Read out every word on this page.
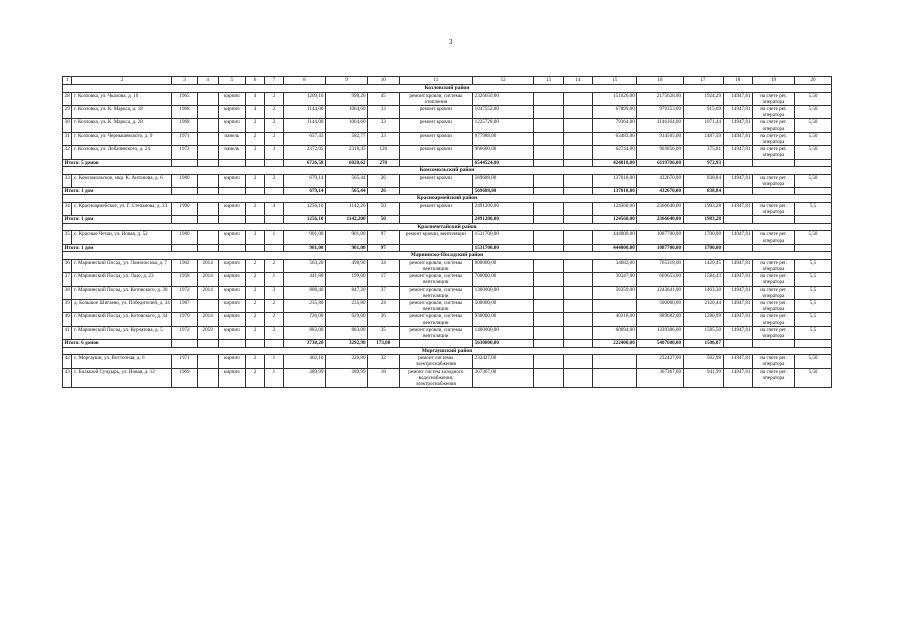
3
1	2	3	4	5	6	7	8	9	10	11	12	13	14	15	16	17	18	19	20
Козловский район																			
28	г. Козловка, ул. Чкалова, д. 10	1965		кирпич	4	2	1209,10	998,20	45	ремонт кровли, системы отопления	2326650,00			151026,00	2175628,00	1924,29	14947,81	на счете рег. оператора	5,50
29	г. Козловка, ул. К. Маркса, д. 18	1968		кирпич	4	2	1144,00	1064,60	33	ремонт кровли	1047552,00			67899,00	979353,00	915,69	14947,81	на счете рег. оператора	5,50
30	г. Козловка, ул. К. Маркса, д. 28	1968		кирпич	2	2	1144,00	1064,60	33	ремонт кровли	1225728,00			79364,00	1146164,00	1071,44	14947,81	на счете рег. оператора	5,50
31	г. Козловка, ул. Чернышевского, д. 9	1971		панель	2	2	657,43	582,77	33	ремонт кровли	977988,00			63483,00	914505,00	1487,59	14947,81	на счете рег. оператора	5,50
32	г. Козловка, ул. Лобачевского, д. 24	1973		панель	3	3	2372,05	2318,45	126	ремонт кровли	966600,00			62744,00	903856,00	375,81	14947,81	на счете рег. оператора	5,50
Итого: 5 домов							6726,58	6028,62	270		6544524,00			424818,00	6119706,00	972,93			
Комсомольский район																			
33	с. Комсомольское, мкр. К. Антонова, д. 6	1980		кирпич	2	2	679,14	565,44	26	ремонт кровли	569688,00			137018,00	432670,00	838,84	14947,81	на счете рег. оператора	5,50
Итого: 1 дом							679,14	565,44	26		569688,00			137018,00	432670,00	838,84			
Красноармейский район																			
34	с. Красноармейское, ул. Г. Степанова, д. 23	1990		кирпич	2	4	1256,10	1142,20	50	ремонт кровли	2491200,00			124560,00	2366640,00	1983,28	14947,81	на счете рег. оператора	5,5
Итого: 1 дом							1256,10	1142,200	50		2491200,00			124560,00	2366640,00	1983,28			
Красночетайский район																			
35	с. Красные Четаи, ул. Новая, д. 52	1980		кирпич	3	1	901,00	901,00	97	ремонт кровли, вентиляции	1531700,00			444000,00	1087700,00	1700,00	14047,81	на счете рег. оператора	5,50
Итого: 1 дом							901,00	901,00	97		1531700,00			444000,00	1087700,00	1700,00			
Мариинско-Посадский район																			
36	г. Мариинский Посад, ул. Ломоносова, д. 7	1962	2014	кирпич	2	2	563,20	498,90	34	ремонт кровли, системы вентиляции	800000,00			34682,00	765318,00	1420,45	14947,81	на счете рег. оператора	5,5
37	г. Мариинский Посад, ул. Лазо, д. 23	1958	2014	кирпич	2	1	441,80	199,00	17	ремонт кровли, системы вентиляции	700000,00			30347,00	669653,00	1584,43	14947,81	на счете рег. оператора	5,5
38	г. Мариинский Посад, ул. Котовского, д. 38	1972	2014	кирпич	2	3	888,40	847,20	37	ремонт кровли, системы вентиляции	1300000,00			56359,00	1243641,00	1463,30	14947,81	на счете рег. оператора	5,5
39	д. Большое Шигаево, ул. Победителей, д. 34	1987		кирпич	2	2	235,80	235,80	24	ремонт кровли, системы вентиляции	500000,00				500000,00	2120,44	14947,81	на счете рег. оператора	5,5
40	г. Мариинский Посад, ул. Котовского, д. 34	1970	2014	кирпич	2	2	726,00	629,00	26	ремонт кровли, системы вентиляции	930000,00			40318,00	889682,00	1280,99	14947,81	на счете рег. оператора	5,5
41	г. Мариинский Посад, ул. Курчатова, д. 5	1972	2059	кирпич	2	2	883,00	883,00	35	ремонт кровли, системы вентиляции	1400000,00			60694,00	1339306,00	1585,50	14947,81	на счете рег. оператора	5,5
Итого: 6 домов							3738,20	3292,90	173,00		5630000,00			222400,00	5407600,00	1506,07			
Моргаушский район																			
42	с. Моргауши, ул. Восточная, д. 6	1971		кирпич	2	1	462,10	226,80	32	ремонт системы электроснабжения	232427,00				232427,00	502,98	14947,81	на счете рег. оператора	5,50
43	с. Большой Сундырь, ул. Новая, д. 12	1969		кирпич	2	1	389,99	389,99	18	ремонт систем холодного водоснабжения, электроснабжения	367367,00				367367,00	941,99	14947,81	на счете рег. оператора	5,50
